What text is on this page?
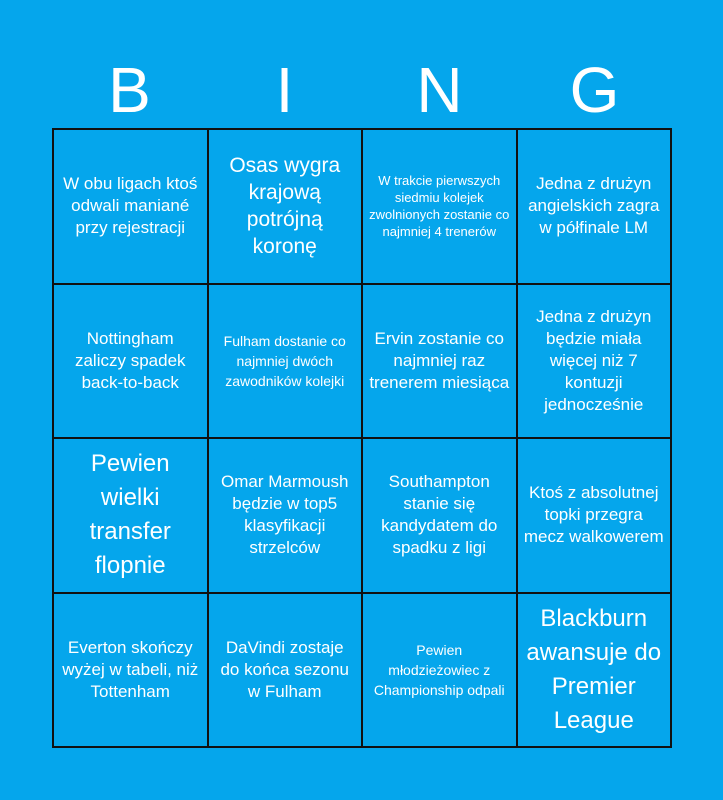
B	I	N	G
W obu ligach ktoś odwali maniané przy rejestracji
Osas wygra krajową potrójną koronę
W trakcie pierwszych siedmiu kolejek zwolnionych zostanie co najmniej 4 trenerów
Jedna z drużyn angielskich zagra w półfinale LM
Nottingham zaliczy spadek back-to-back
Fulham dostanie co najmniej dwóch zawodników kolejki
Ervin zostanie co najmniej raz trenerem miesiąca
Jedna z drużyn będzie miała więcej niż 7 kontuzji jednocześnie
Pewien wielki transfer flopnie
Omar Marmoush będzie w top5 klasyfikacji strzelców
Southampton stanie się kandydatem do spadku z ligi
Ktoś z absolutnej topki przegra mecz walkowerem
Everton skończy wyżej w tabeli, niż Tottenham
DaVindi zostaje do końca sezonu w Fulham
Pewien młodzieżowiec z Championship odpali
Blackburn awansuje do Premier League
